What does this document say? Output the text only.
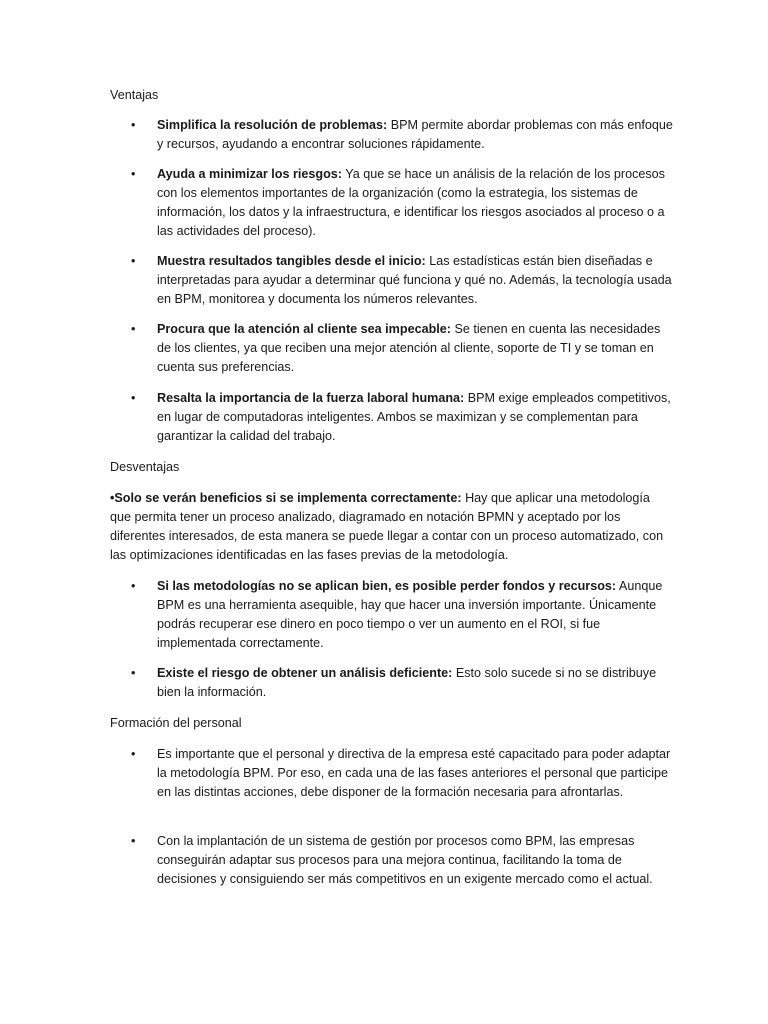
Ventajas
• Simplifica la resolución de problemas: BPM permite abordar problemas con más enfoque y recursos, ayudando a encontrar soluciones rápidamente.
• Ayuda a minimizar los riesgos: Ya que se hace un análisis de la relación de los procesos con los elementos importantes de la organización (como la estrategia, los sistemas de información, los datos y la infraestructura, e identificar los riesgos asociados al proceso o a las actividades del proceso).
• Muestra resultados tangibles desde el inicio: Las estadísticas están bien diseñadas e interpretadas para ayudar a determinar qué funciona y qué no. Además, la tecnología usada en BPM, monitorea y documenta los números relevantes.
• Procura que la atención al cliente sea impecable: Se tienen en cuenta las necesidades de los clientes, ya que reciben una mejor atención al cliente, soporte de TI y se toman en cuenta sus preferencias.
• Resalta la importancia de la fuerza laboral humana: BPM exige empleados competitivos, en lugar de computadoras inteligentes. Ambos se maximizan y se complementan para garantizar la calidad del trabajo.
Desventajas
•Solo se verán beneficios si se implementa correctamente: Hay que aplicar una metodología que permita tener un proceso analizado, diagramado en notación BPMN y aceptado por los diferentes interesados, de esta manera se puede llegar a contar con un proceso automatizado, con las optimizaciones identificadas en las fases previas de la metodología.
• Si las metodologías no se aplican bien, es posible perder fondos y recursos: Aunque BPM es una herramienta asequible, hay que hacer una inversión importante. Únicamente podrás recuperar ese dinero en poco tiempo o ver un aumento en el ROI, si fue implementada correctamente.
• Existe el riesgo de obtener un análisis deficiente: Esto solo sucede si no se distribuye bien la información.
Formación del personal
• Es importante que el personal y directiva de la empresa esté capacitado para poder adaptar la metodología BPM. Por eso, en cada una de las fases anteriores el personal que participe en las distintas acciones, debe disponer de la formación necesaria para afrontarlas.
• Con la implantación de un sistema de gestión por procesos como BPM, las empresas conseguirán adaptar sus procesos para una mejora continua, facilitando la toma de decisiones y consiguiendo ser más competitivos en un exigente mercado como el actual.
